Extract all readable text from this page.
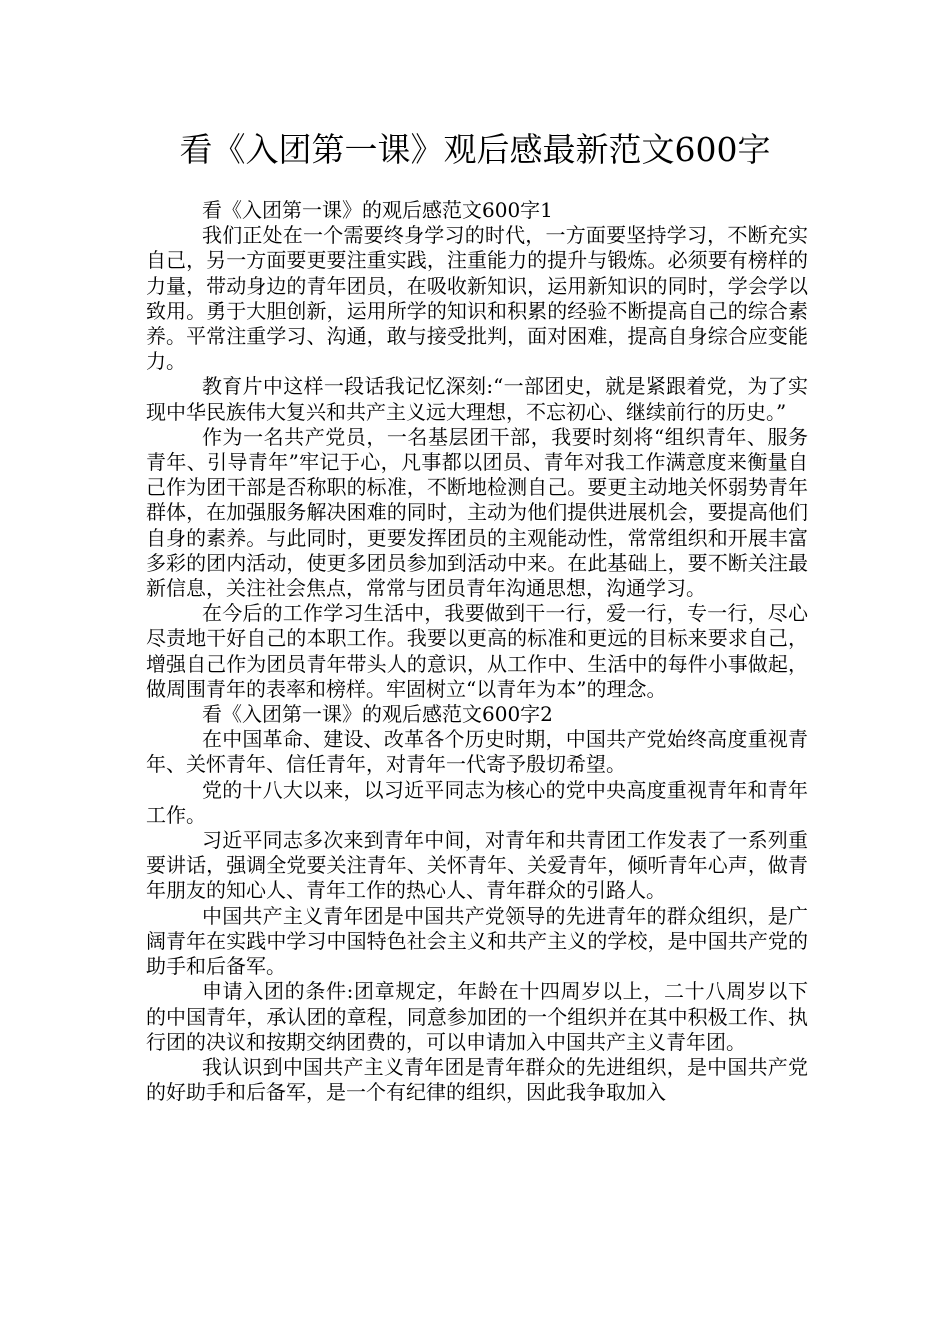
看《入团第一课》观后感最新范文600字

看《入团第一课》的观后感范文600字1

我们正处在一个需要终身学习的时代，一方面要坚持学习，不断充实自己，另一方面要更要注重实践，注重能力的提升与锻炼。必须要有榜样的力量，带动身边的青年团员，在吸收新知识，运用新知识的同时，学会学以致用。勇于大胆创新，运用所学的知识和积累的经验不断提高自己的综合素养。平常注重学习、沟通，敢与接受批判，面对困难，提高自身综合应变能力。

教育片中这样一段话我记忆深刻:“一部团史，就是紧跟着党，为了实现中华民族伟大复兴和共产主义远大理想，不忘初心、继续前行的历史。”

作为一名共产党员，一名基层团干部，我要时刻将“组织青年、服务青年、引导青年”牢记于心，凡事都以团员、青年对我工作满意度来衡量自己作为团干部是否称职的标准，不断地检测自己。要更主动地关怀弱势青年群体，在加强服务解决困难的同时，主动为他们提供进展机会，要提高他们自身的素养。与此同时，更要发挥团员的主观能动性，常常组织和开展丰富多彩的团内活动，使更多团员参加到活动中来。在此基础上，要不断关注最新信息，关注社会焦点，常常与团员青年沟通思想，沟通学习。

在今后的工作学习生活中，我要做到干一行，爱一行，专一行，尽心尽责地干好自己的本职工作。我要以更高的标准和更远的目标来要求自己，增强自己作为团员青年带头人的意识，从工作中、生活中的每件小事做起，做周围青年的表率和榜样。牢固树立“以青年为本”的理念。

看《入团第一课》的观后感范文600字2

在中国革命、建设、改革各个历史时期，中国共产党始终高度重视青年、关怀青年、信任青年，对青年一代寄予殷切希望。

党的十八大以来，以习近平同志为核心的党中央高度重视青年和青年工作。

习近平同志多次来到青年中间，对青年和共青团工作发表了一系列重要讲话，强调全党要关注青年、关怀青年、关爱青年，倾听青年心声，做青年朋友的知心人、青年工作的热心人、青年群众的引路人。

中国共产主义青年团是中国共产党领导的先进青年的群众组织，是广阔青年在实践中学习中国特色社会主义和共产主义的学校，是中国共产党的助手和后备军。

申请入团的条件:团章规定，年龄在十四周岁以上，二十八周岁以下的中国青年，承认团的章程，同意参加团的一个组织并在其中积极工作、执行团的决议和按期交纳团费的，可以申请加入中国共产主义青年团。

我认识到中国共产主义青年团是青年群众的先进组织，是中国共产党的好助手和后备军，是一个有纪律的组织，因此我争取加入
